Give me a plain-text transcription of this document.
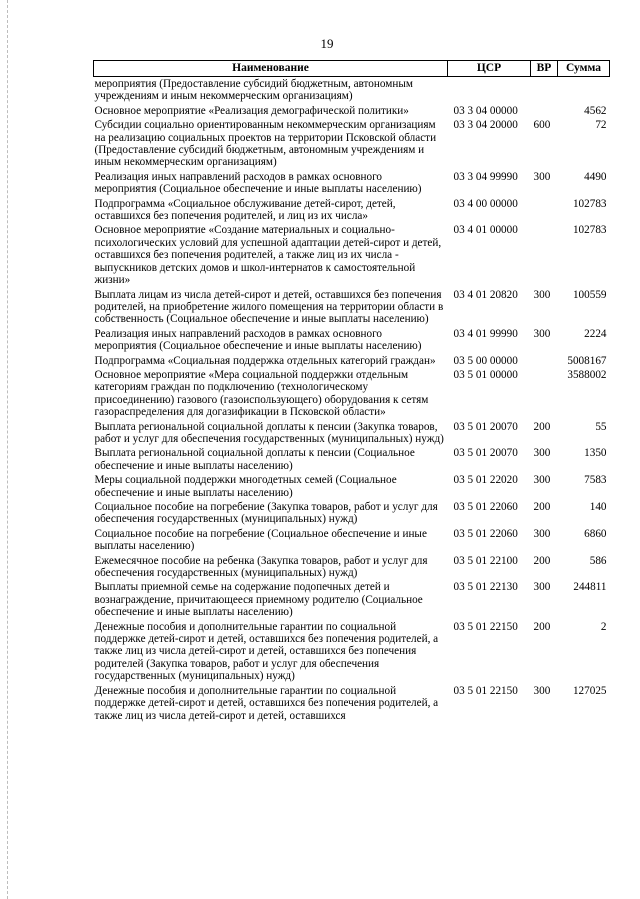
19
Наименование	ЦСР	ВР	Сумма
мероприятия (Предоставление субсидий бюджетным, автономным учреждениям и иным некоммерческим организациям)			
Основное мероприятие «Реализация демографической политики»	03 3 04 00000		4562
Субсидии социально ориентированным некоммерческим организациям на реализацию социальных проектов на территории Псковской области (Предоставление субсидий бюджетным, автономным учреждениям и иным некоммерческим организациям)	03 3 04 20000	600	72
Реализация иных направлений расходов в рамках основного мероприятия (Социальное обеспечение и иные выплаты населению)	03 3 04 99990	300	4490
Подпрограмма «Социальное обслуживание детей-сирот, детей, оставшихся без попечения родителей, и лиц из их числа»	03 4 00 00000		102783
Основное мероприятие «Создание материальных и социально-психологических условий для успешной адаптации детей-сирот и детей, оставшихся без попечения родителей, а также лиц из их числа - выпускников детских домов и школ-интернатов к самостоятельной жизни»	03 4 01 00000		102783
Выплата лицам из числа детей-сирот и детей, оставшихся без попечения родителей, на приобретение жилого помещения на территории области в собственность (Социальное обеспечение и иные выплаты населению)	03 4 01 20820	300	100559
Реализация иных направлений расходов в рамках основного мероприятия (Социальное обеспечение и иные выплаты населению)	03 4 01 99990	300	2224
Подпрограмма «Социальная поддержка отдельных категорий граждан»	03 5 00 00000		5008167
Основное мероприятие «Мера социальной поддержки отдельным категориям граждан по подключению (технологическому присоединению) газового (газоиспользующего) оборудования к сетям газораспределения для догазификации в Псковской области»	03 5 01 00000		3588002
Выплата региональной социальной доплаты к пенсии (Закупка товаров, работ и услуг для обеспечения государственных (муниципальных) нужд)	03 5 01 20070	200	55
Выплата региональной социальной доплаты к пенсии (Социальное обеспечение и иные выплаты населению)	03 5 01 20070	300	1350
Меры социальной поддержки многодетных семей (Социальное обеспечение и иные выплаты населению)	03 5 01 22020	300	7583
Социальное пособие на погребение (Закупка товаров, работ и услуг для обеспечения государственных (муниципальных) нужд)	03 5 01 22060	200	140
Социальное пособие на погребение (Социальное обеспечение и иные выплаты населению)	03 5 01 22060	300	6860
Ежемесячное пособие на ребенка (Закупка товаров, работ и услуг для обеспечения государственных (муниципальных) нужд)	03 5 01 22100	200	586
Выплаты приемной семье на содержание подопечных детей и вознаграждение, причитающееся приемному родителю (Социальное обеспечение и иные выплаты населению)	03 5 01 22130	300	244811
Денежные пособия и дополнительные гарантии по социальной поддержке детей-сирот и детей, оставшихся без попечения родителей, а также лиц из числа детей-сирот и детей, оставшихся без попечения родителей (Закупка товаров, работ и услуг для обеспечения государственных (муниципальных) нужд)	03 5 01 22150	200	2
Денежные пособия и дополнительные гарантии по социальной поддержке детей-сирот и детей, оставшихся без попечения родителей, а также лиц из числа детей-сирот и детей, оставшихся	03 5 01 22150	300	127025
